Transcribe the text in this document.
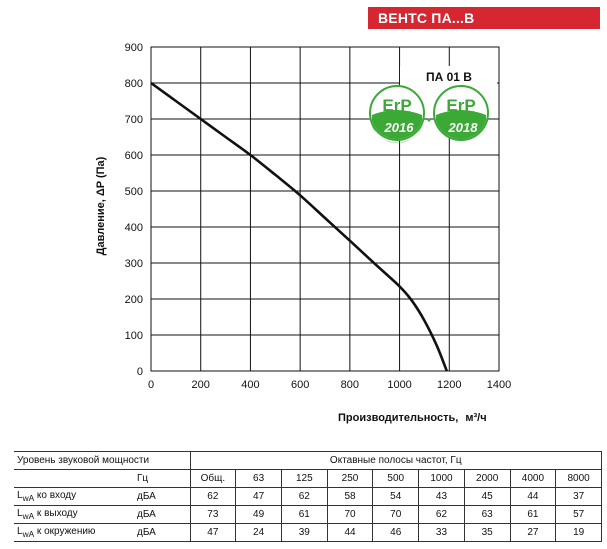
ВЕНТС ПА...В
0	200	400	600	800	1000 1200 1400
0
100
200
300
400
500
600
700
800
900
Давление, ΔP (Па)
Производительность, м³/ч
ПА 01 В
ErP
2016
ErP
2018
Уровень звуковой мощности		Октавные полосы частот, Гц								
	Гц	Общ.	63	125	250	500	1000	2000	4000	8000
$L_{wA}$ ко входу	дБА	62	47	62	58	54	43	45	44	37
$L_{wA}$ к выходу	дБА	73	49	61	70	70	62	63	61	57
$L_{wA}$ к окружению	дБА	47	24	39	44	46	33	35	27	19
